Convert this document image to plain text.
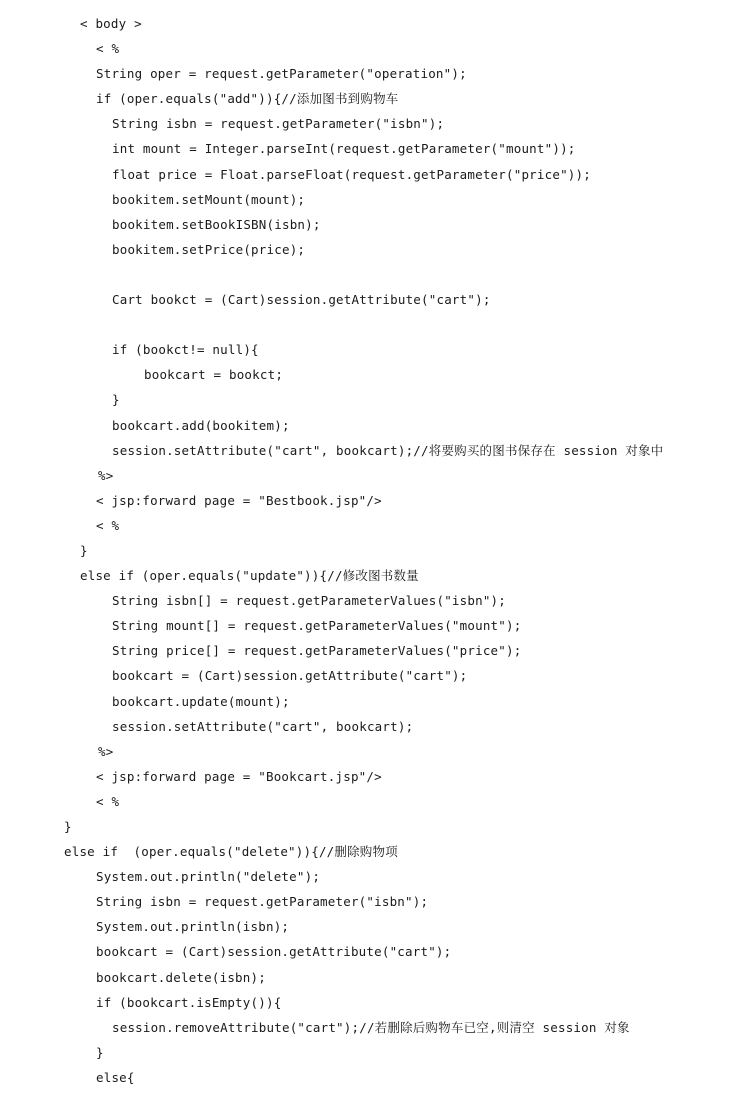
< body >
< %
String oper = request.getParameter("operation");
if (oper.equals("add")){//添加图书到购物车
String isbn = request.getParameter("isbn");
int mount = Integer.parseInt(request.getParameter("mount"));
float price = Float.parseFloat(request.getParameter("price"));
bookitem.setMount(mount);
bookitem.setBookISBN(isbn);
bookitem.setPrice(price);
Cart bookct = (Cart)session.getAttribute("cart");
if (bookct!= null){
bookcart = bookct;
}
bookcart.add(bookitem);
session.setAttribute("cart", bookcart);//将要购买的图书保存在 session 对象中
%>
< jsp:forward page = "Bestbook.jsp"/>
< %
}
else if (oper.equals("update")){//修改图书数量
String isbn[] = request.getParameterValues("isbn");
String mount[] = request.getParameterValues("mount");
String price[] = request.getParameterValues("price");
bookcart = (Cart)session.getAttribute("cart");
bookcart.update(mount);
session.setAttribute("cart", bookcart);
%>
< jsp:forward page = "Bookcart.jsp"/>
< %
}
else if  (oper.equals("delete")){//删除购物项
System.out.println("delete");
String isbn = request.getParameter("isbn");
System.out.println(isbn);
bookcart = (Cart)session.getAttribute("cart");
bookcart.delete(isbn);
if (bookcart.isEmpty()){
session.removeAttribute("cart");//若删除后购物车已空,则清空 session 对象
}
else{
